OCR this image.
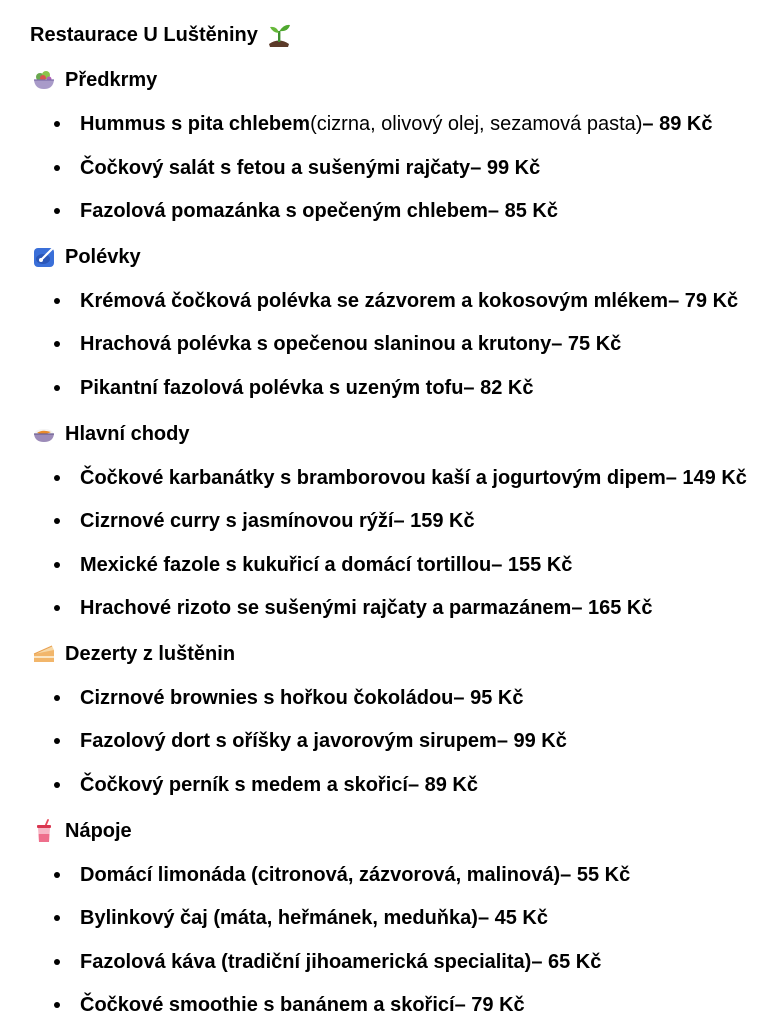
Restaurace U Luštěniny
Předkrmy
Hummus s pita chlebem (cizrna, olivový olej, sezamová pasta) – 89 Kč
Čočkový salát s fetou a sušenými rajčaty – 99 Kč
Fazolová pomazánka s opečeným chlebem – 85 Kč
Polévky
Krémová čočková polévka se zázvorem a kokosovým mlékem – 79 Kč
Hrachová polévka s opečenou slaninou a krutony – 75 Kč
Pikantní fazolová polévka s uzeným tofu – 82 Kč
Hlavní chody
Čočkové karbanátky s bramborovou kaší a jogurtovým dipem – 149 Kč
Cizrnové curry s jasmínovou rýží – 159 Kč
Mexické fazole s kukuřicí a domácí tortillou – 155 Kč
Hrachové rizoto se sušenými rajčaty a parmazánem – 165 Kč
Dezerty z luštěnin
Cizrnové brownies s hořkou čokoládou – 95 Kč
Fazolový dort s oříšky a javorovým sirupem – 99 Kč
Čočkový perník s medem a skořicí – 89 Kč
Nápoje
Domácí limonáda (citronová, zázvorová, malinová) – 55 Kč
Bylinkový čaj (máta, heřmánek, meduňka) – 45 Kč
Fazolová káva (tradiční jihoamerická specialita) – 65 Kč
Čočkové smoothie s banánem a skořicí – 79 Kč
